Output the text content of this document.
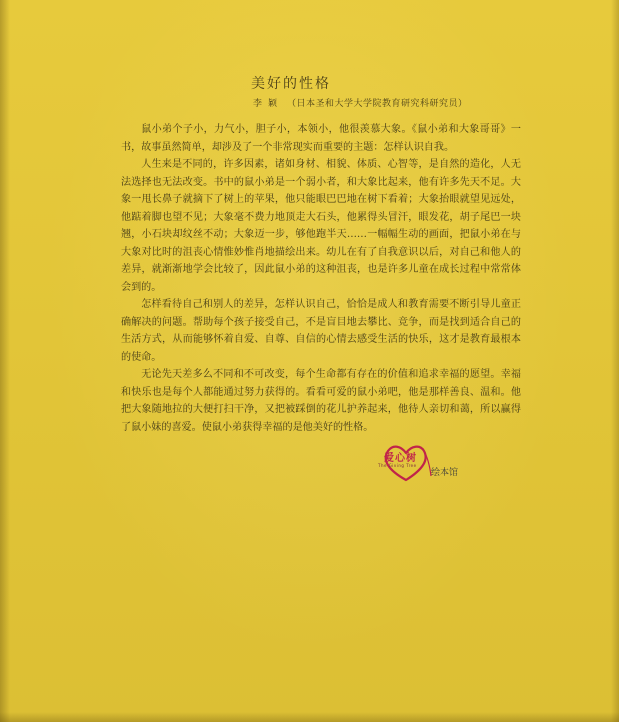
美好的性格
李颖 （日本圣和大学大学院教育研究科研究员）

鼠小弟个子小，力气小，胆子小，本领小，他很羡慕大象。《鼠小弟和大象哥哥》一书，故事虽然简单，却涉及了一个非常现实而重要的主题：怎样认识自我。

人生来是不同的，许多因素，诸如身材、相貌、体质、心智等，是自然的造化，人无法选择也无法改变。书中的鼠小弟是一个弱小者，和大象比起来，他有许多先天不足。大象一甩长鼻子就摘下了树上的苹果，他只能眼巴巴地在树下看着；大象抬眼就望见远处，他踮着脚也望不见；大象毫不费力地顶走大石头，他累得头冒汗，眼发花，胡子尾巴一块翘，小石块却纹丝不动；大象迈一步，够他跑半天……一幅幅生动的画面，把鼠小弟在与大象对比时的沮丧心情惟妙惟肖地描绘出来。幼儿在有了自我意识以后，对自己和他人的差异，就渐渐地学会比较了，因此鼠小弟的这种沮丧，也是许多儿童在成长过程中常常体会到的。

怎样看待自己和别人的差异，怎样认识自己，恰恰是成人和教育需要不断引导儿童正确解决的问题。帮助每个孩子接受自己，不是盲目地去攀比、竞争，而是找到适合自己的生活方式，从而能够怀着自爱、自尊、自信的心情去感受生活的快乐，这才是教育最根本的使命。

无论先天差多么不同和不可改变，每个生命都有存在的价值和追求幸福的愿望。幸福和快乐也是每个人都能通过努力获得的。看看可爱的鼠小弟吧，他是那样善良、温和。他把大象随地拉的大便打扫干净，又把被踩倒的花儿护养起来，他待人亲切和蔼，所以赢得了鼠小妹的喜爱。使鼠小弟获得幸福的是他美好的性格。

爱心树
The Giving Tree
绘本馆
